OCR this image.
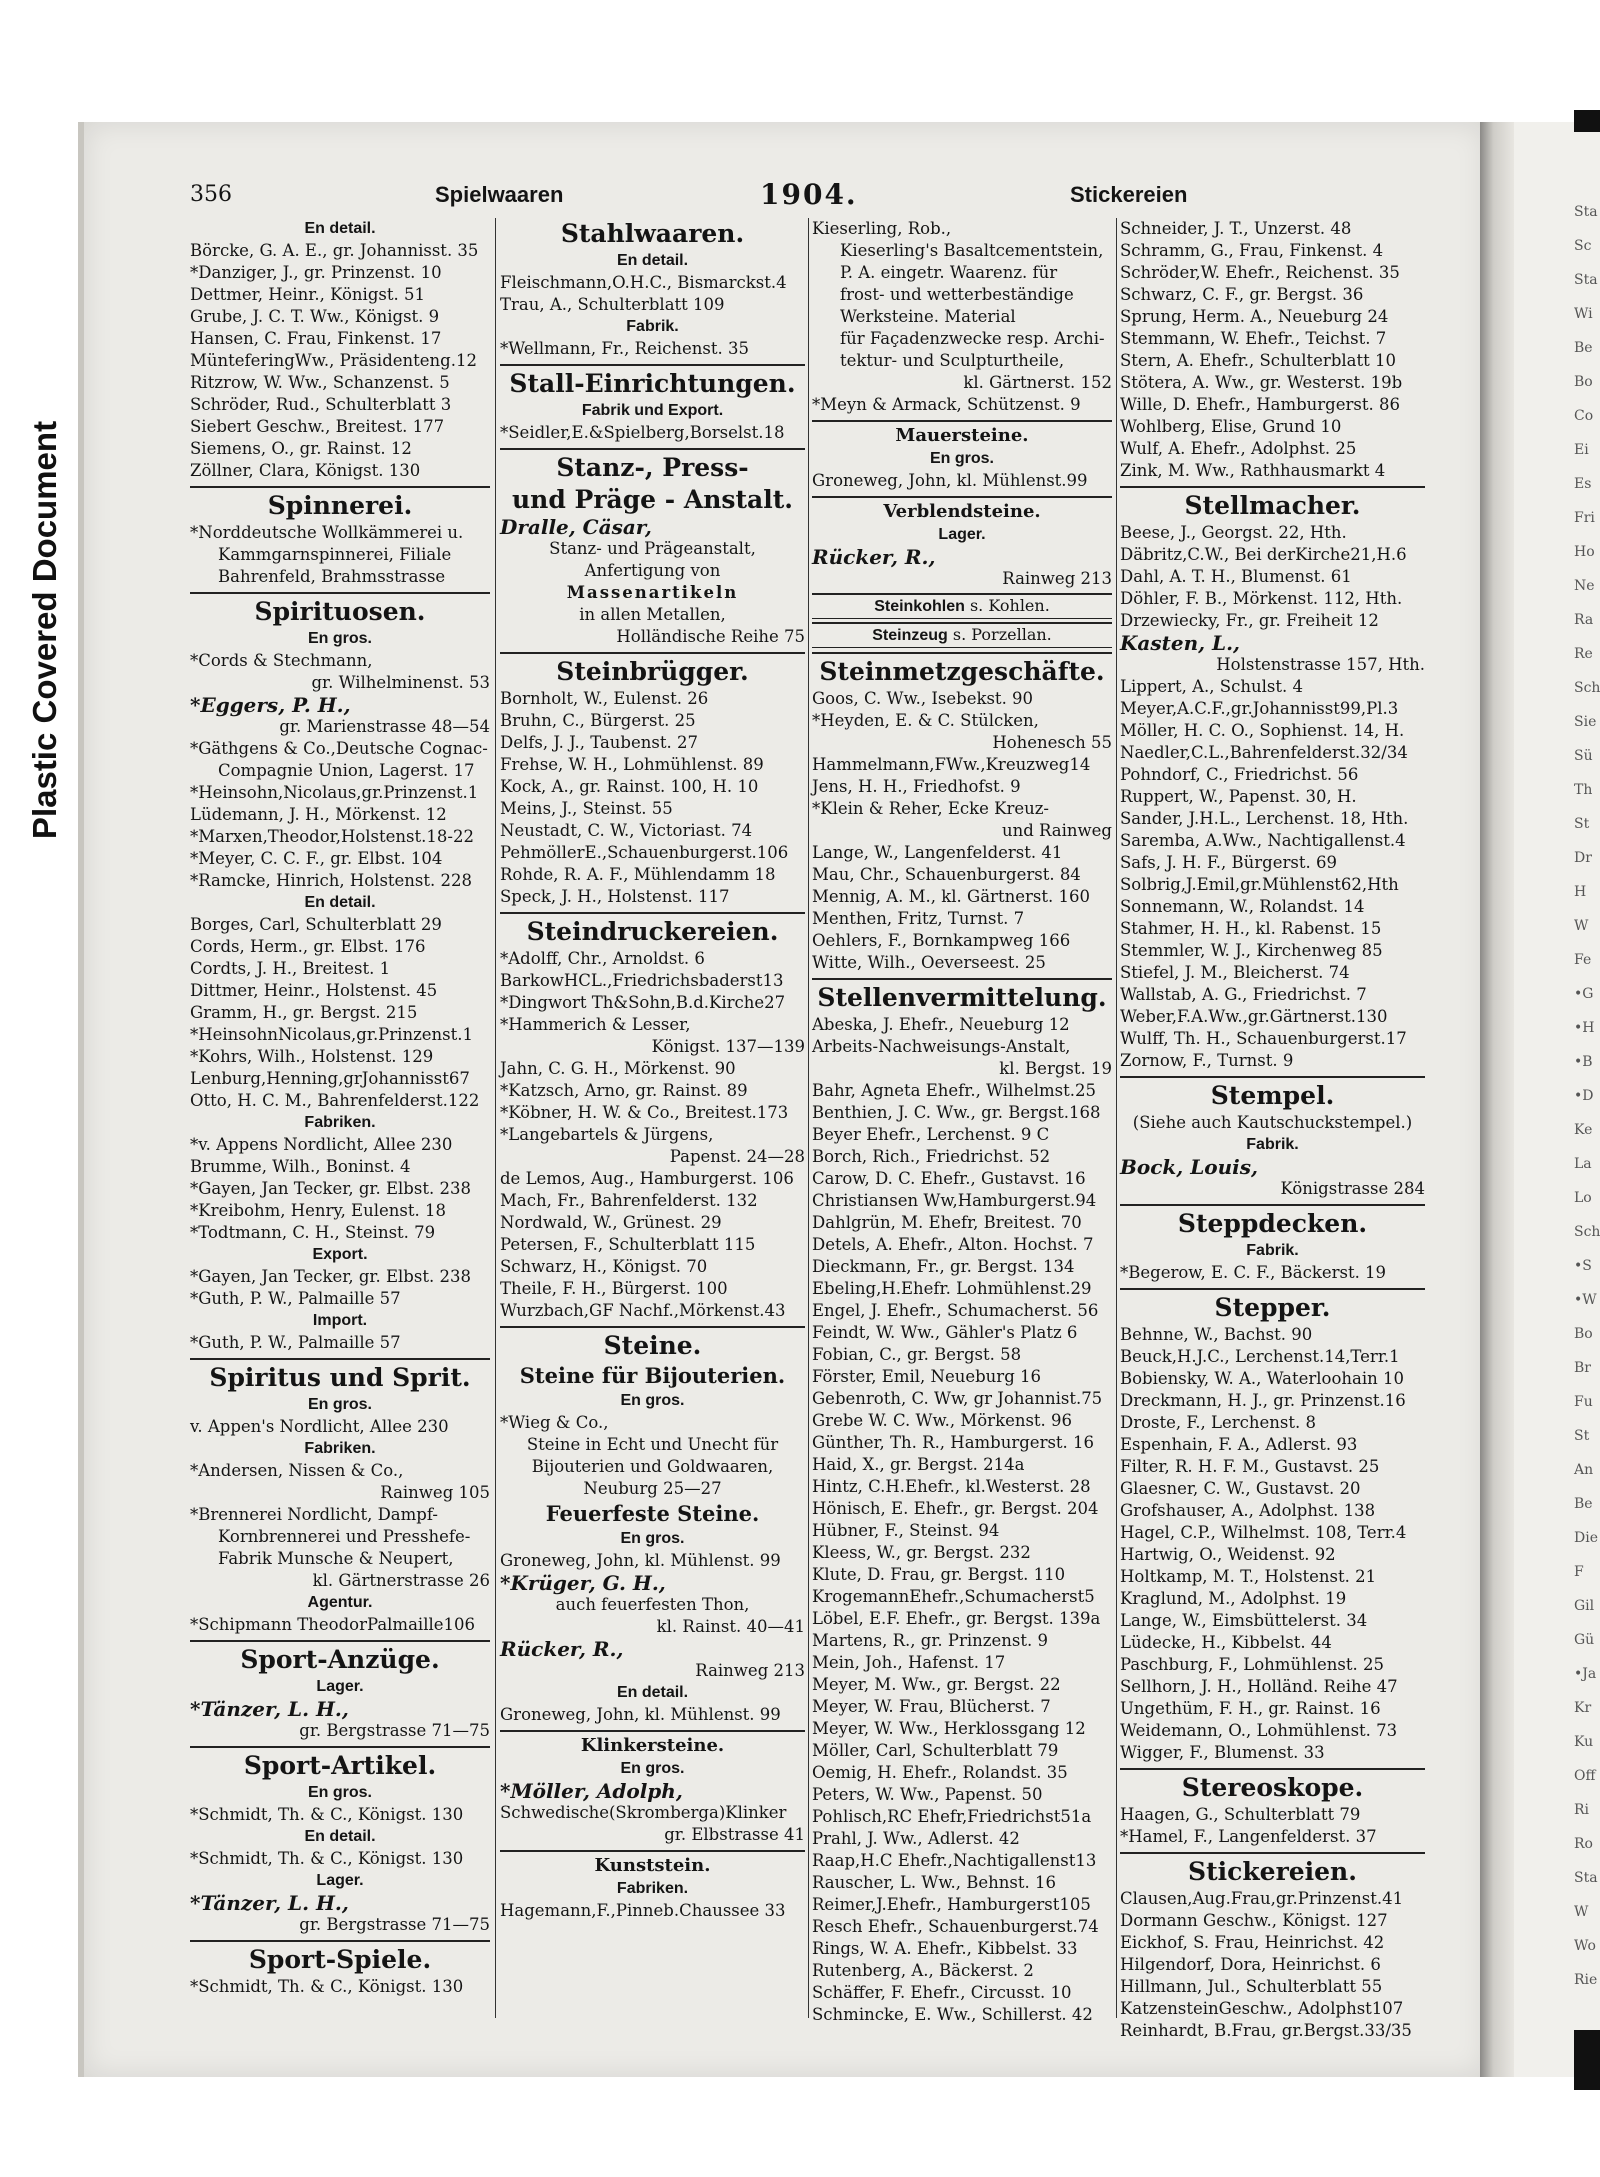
Plastic Covered Document
Sta
Sc
Sta
Wi
Be
Bo
Co
Ei
Es
Fri
Ho
Ne
Ra
Re
Sch
Sie
Sü
Th
St
Dr
H
W
Fe
•G
•H
•B
•D
Ke
La
Lo
Sch
•S
•W
Bo
Br
Fu
St
An
Be
Die
F
Gil
Gü
•Ja
Kr
Ku
Off
Ri
Ro
Sta
W
Wo
Rie
356	Spielwaaren	1904.	Stickereien
En detail.
Börcke, G. A. E., gr. Johannisst. 35
*Danziger, J., gr. Prinzenst. 10
Dettmer, Heinr., Königst. 51
Grube, J. C. T. Ww., Königst. 9
Hansen, C. Frau, Finkenst. 17
MünteferingWw., Präsidenteng.12
Ritzrow, W. Ww., Schanzenst. 5
Schröder, Rud., Schulterblatt 3
Siebert Geschw., Breitest. 177
Siemens, O., gr. Rainst. 12
Zöllner, Clara, Königst. 130
Spinnerei.
*Norddeutsche Wollkämmerei u.
Kammgarnspinnerei, Filiale
Bahrenfeld, Brahmsstrasse
Spirituosen.
En gros.
*Cords & Stechmann,
gr. Wilhelminenst. 53
*Eggers, P. H.,
gr. Marienstrasse 48—54
*Gäthgens & Co.,Deutsche Cognac-
Compagnie Union, Lagerst. 17
*Heinsohn,Nicolaus,gr.Prinzenst.1
Lüdemann, J. H., Mörkenst. 12
*Marxen,Theodor,Holstenst.18-22
*Meyer, C. C. F., gr. Elbst. 104
*Ramcke, Hinrich, Holstenst. 228
En detail.
Borges, Carl, Schulterblatt 29
Cords, Herm., gr. Elbst. 176
Cordts, J. H., Breitest. 1
Dittmer, Heinr., Holstenst. 45
Gramm, H., gr. Bergst. 215
*HeinsohnNicolaus,gr.Prinzenst.1
*Kohrs, Wilh., Holstenst. 129
Lenburg,Henning,grJohannisst67
Otto, H. C. M., Bahrenfelderst.122
Fabriken.
*v. Appens Nordlicht, Allee 230
Brumme, Wilh., Boninst. 4
*Gayen, Jan Tecker, gr. Elbst. 238
*Kreibohm, Henry, Eulenst. 18
*Todtmann, C. H., Steinst. 79
Export.
*Gayen, Jan Tecker, gr. Elbst. 238
*Guth, P. W., Palmaille 57
Import.
*Guth, P. W., Palmaille 57
Spiritus und Sprit.
En gros.
v. Appen's Nordlicht, Allee 230
Fabriken.
*Andersen, Nissen & Co.,
Rainweg 105
*Brennerei Nordlicht, Dampf-
Kornbrennerei und Presshefe-
Fabrik Munsche & Neupert,
kl. Gärtnerstrasse 26
Agentur.
*Schipmann TheodorPalmaille106
Sport-Anzüge.
Lager.
*Tänzer, L. H.,
gr. Bergstrasse 71—75
Sport-Artikel.
En gros.
*Schmidt, Th. & C., Königst. 130
En detail.
*Schmidt, Th. & C., Königst. 130
Lager.
*Tänzer, L. H.,
gr. Bergstrasse 71—75
Sport-Spiele.
*Schmidt, Th. & C., Königst. 130
Stahlwaaren.
En detail.
Fleischmann,O.H.C., Bismarckst.4
Trau, A., Schulterblatt 109
Fabrik.
*Wellmann, Fr., Reichenst. 35
Stall-Einrichtungen.
Fabrik und Export.
*Seidler,E.&Spielberg,Borselst.18
Stanz-, Press-
und Präge - Anstalt.
Dralle, Cäsar,
Stanz- und Prägeanstalt,
Anfertigung von
Massenartikeln
in allen Metallen,
Holländische Reihe 75
Steinbrügger.
Bornholt, W., Eulenst. 26
Bruhn, C., Bürgerst. 25
Delfs, J. J., Taubenst. 27
Frehse, W. H., Lohmühlenst. 89
Kock, A., gr. Rainst. 100, H. 10
Meins, J., Steinst. 55
Neustadt, C. W., Victoriast. 74
PehmöllerE.,Schauenburgerst.106
Rohde, R. A. F., Mühlendamm 18
Speck, J. H., Holstenst. 117
Steindruckereien.
*Adolff, Chr., Arnoldst. 6
BarkowHCL.,Friedrichsbaderst13
*Dingwort Th&Sohn,B.d.Kirche27
*Hammerich & Lesser,
Königst. 137—139
Jahn, C. G. H., Mörkenst. 90
*Katzsch, Arno, gr. Rainst. 89
*Köbner, H. W. & Co., Breitest.173
*Langebartels & Jürgens,
Papenst. 24—28
de Lemos, Aug., Hamburgerst. 106
Mach, Fr., Bahrenfelderst. 132
Nordwald, W., Grünest. 29
Petersen, F., Schulterblatt 115
Schwarz, H., Königst. 70
Theile, F. H., Bürgerst. 100
Wurzbach,GF Nachf.,Mörkenst.43
Steine.
Steine für Bijouterien.
En gros.
*Wieg & Co.,
Steine in Echt und Unecht für
Bijouterien und Goldwaaren,
Neuburg 25—27
Feuerfeste Steine.
En gros.
Groneweg, John, kl. Mühlenst. 99
*Krüger, G. H.,
auch feuerfesten Thon,
kl. Rainst. 40—41
Rücker, R.,
Rainweg 213
En detail.
Groneweg, John, kl. Mühlenst. 99
Klinkersteine.
En gros.
*Möller, Adolph,
Schwedische(Skromberga)Klinker
gr. Elbstrasse 41
Kunststein.
Fabriken.
Hagemann,F.,Pinneb.Chaussee 33
Kieserling, Rob.,
Kieserling's Basaltcementstein,
P. A. eingetr. Waarenz. für
frost- und wetterbeständige
Werksteine. Material
für Façadenzwecke resp. Archi-
tektur- und Sculpturtheile,
kl. Gärtnerst. 152
*Meyn & Armack, Schützenst. 9
Mauersteine.
En gros.
Groneweg, John, kl. Mühlenst.99
Verblendsteine.
Lager.
Rücker, R.,
Rainweg 213
Steinkohlen s. Kohlen.
Steinzeug s. Porzellan.
Steinmetzgeschäfte.
Goos, C. Ww., Isebekst. 90
*Heyden, E. & C. Stülcken,
Hohenesch 55
Hammelmann,FWw.,Kreuzweg14
Jens, H. H., Friedhofst. 9
*Klein & Reher, Ecke Kreuz-
und Rainweg
Lange, W., Langenfelderst. 41
Mau, Chr., Schauenburgerst. 84
Mennig, A. M., kl. Gärtnerst. 160
Menthen, Fritz, Turnst. 7
Oehlers, F., Bornkampweg 166
Witte, Wilh., Oeverseest. 25
Stellenvermittelung.
Abeska, J. Ehefr., Neueburg 12
Arbeits-Nachweisungs-Anstalt,
kl. Bergst. 19
Bahr, Agneta Ehefr., Wilhelmst.25
Benthien, J. C. Ww., gr. Bergst.168
Beyer Ehefr., Lerchenst. 9 C
Borch, Rich., Friedrichst. 52
Carow, D. C. Ehefr., Gustavst. 16
Christiansen Ww,Hamburgerst.94
Dahlgrün, M. Ehefr, Breitest. 70
Detels, A. Ehefr., Alton. Hochst. 7
Dieckmann, Fr., gr. Bergst. 134
Ebeling,H.Ehefr. Lohmühlenst.29
Engel, J. Ehefr., Schumacherst. 56
Feindt, W. Ww., Gähler's Platz 6
Fobian, C., gr. Bergst. 58
Förster, Emil, Neueburg 16
Gebenroth, C. Ww, gr Johannist.75
Grebe W. C. Ww., Mörkenst. 96
Günther, Th. R., Hamburgerst. 16
Haid, X., gr. Bergst. 214a
Hintz, C.H.Ehefr., kl.Westerst. 28
Hönisch, E. Ehefr., gr. Bergst. 204
Hübner, F., Steinst. 94
Kleess, W., gr. Bergst. 232
Klute, D. Frau, gr. Bergst. 110
KrogemannEhefr.,Schumacherst5
Löbel, E.F. Ehefr., gr. Bergst. 139a
Martens, R., gr. Prinzenst. 9
Mein, Joh., Hafenst. 17
Meyer, M. Ww., gr. Bergst. 22
Meyer, W. Frau, Blücherst. 7
Meyer, W. Ww., Herklossgang 12
Möller, Carl, Schulterblatt 79
Oemig, H. Ehefr., Rolandst. 35
Peters, W. Ww., Papenst. 50
Pohlisch,RC Ehefr,Friedrichst51a
Prahl, J. Ww., Adlerst. 42
Raap,H.C Ehefr.,Nachtigallenst13
Rauscher, L. Ww., Behnst. 16
Reimer,J.Ehefr., Hamburgerst105
Resch Ehefr., Schauenburgerst.74
Rings, W. A. Ehefr., Kibbelst. 33
Rutenberg, A., Bäckerst. 2
Schäffer, F. Ehefr., Circusst. 10
Schmincke, E. Ww., Schillerst. 42
Schneider, J. T., Unzerst. 48
Schramm, G., Frau, Finkenst. 4
Schröder,W. Ehefr., Reichenst. 35
Schwarz, C. F., gr. Bergst. 36
Sprung, Herm. A., Neueburg 24
Stemmann, W. Ehefr., Teichst. 7
Stern, A. Ehefr., Schulterblatt 10
Stötera, A. Ww., gr. Westerst. 19b
Wille, D. Ehefr., Hamburgerst. 86
Wohlberg, Elise, Grund 10
Wulf, A. Ehefr., Adolphst. 25
Zink, M. Ww., Rathhausmarkt 4
Stellmacher.
Beese, J., Georgst. 22, Hth.
Däbritz,C.W., Bei derKirche21,H.6
Dahl, A. T. H., Blumenst. 61
Döhler, F. B., Mörkenst. 112, Hth.
Drzewiecky, Fr., gr. Freiheit 12
Kasten, L.,
Holstenstrasse 157, Hth.
Lippert, A., Schulst. 4
Meyer,A.C.F.,gr.Johannisst99,Pl.3
Möller, H. C. O., Sophienst. 14, H.
Naedler,C.L.,Bahrenfelderst.32/34
Pohndorf, C., Friedrichst. 56
Ruppert, W., Papenst. 30, H.
Sander, J.H.L., Lerchenst. 18, Hth.
Saremba, A.Ww., Nachtigallenst.4
Safs, J. H. F., Bürgerst. 69
Solbrig,J.Emil,gr.Mühlenst62,Hth
Sonnemann, W., Rolandst. 14
Stahmer, H. H., kl. Rabenst. 15
Stemmler, W. J., Kirchenweg 85
Stiefel, J. M., Bleicherst. 74
Wallstab, A. G., Friedrichst. 7
Weber,F.A.Ww.,gr.Gärtnerst.130
Wulff, Th. H., Schauenburgerst.17
Zornow, F., Turnst. 9
Stempel.
(Siehe auch Kautschuckstempel.)
Fabrik.
Bock, Louis,
Königstrasse 284
Steppdecken.
Fabrik.
*Begerow, E. C. F., Bäckerst. 19
Stepper.
Behnne, W., Bachst. 90
Beuck,H.J.C., Lerchenst.14,Terr.1
Bobiensky, W. A., Waterloohain 10
Dreckmann, H. J., gr. Prinzenst.16
Droste, F., Lerchenst. 8
Espenhain, F. A., Adlerst. 93
Filter, R. H. F. M., Gustavst. 25
Glaesner, C. W., Gustavst. 20
Grofshauser, A., Adolphst. 138
Hagel, C.P., Wilhelmst. 108, Terr.4
Hartwig, O., Weidenst. 92
Holtkamp, M. T., Holstenst. 21
Kraglund, M., Adolphst. 19
Lange, W., Eimsbüttelerst. 34
Lüdecke, H., Kibbelst. 44
Paschburg, F., Lohmühlenst. 25
Sellhorn, J. H., Holländ. Reihe 47
Ungethüm, F. H., gr. Rainst. 16
Weidemann, O., Lohmühlenst. 73
Wigger, F., Blumenst. 33
Stereoskope.
Haagen, G., Schulterblatt 79
*Hamel, F., Langenfelderst. 37
Stickereien.
Clausen,Aug.Frau,gr.Prinzenst.41
Dormann Geschw., Königst. 127
Eickhof, S. Frau, Heinrichst. 42
Hilgendorf, Dora, Heinrichst. 6
Hillmann, Jul., Schulterblatt 55
KatzensteinGeschw., Adolphst107
Reinhardt, B.Frau, gr.Bergst.33/35
